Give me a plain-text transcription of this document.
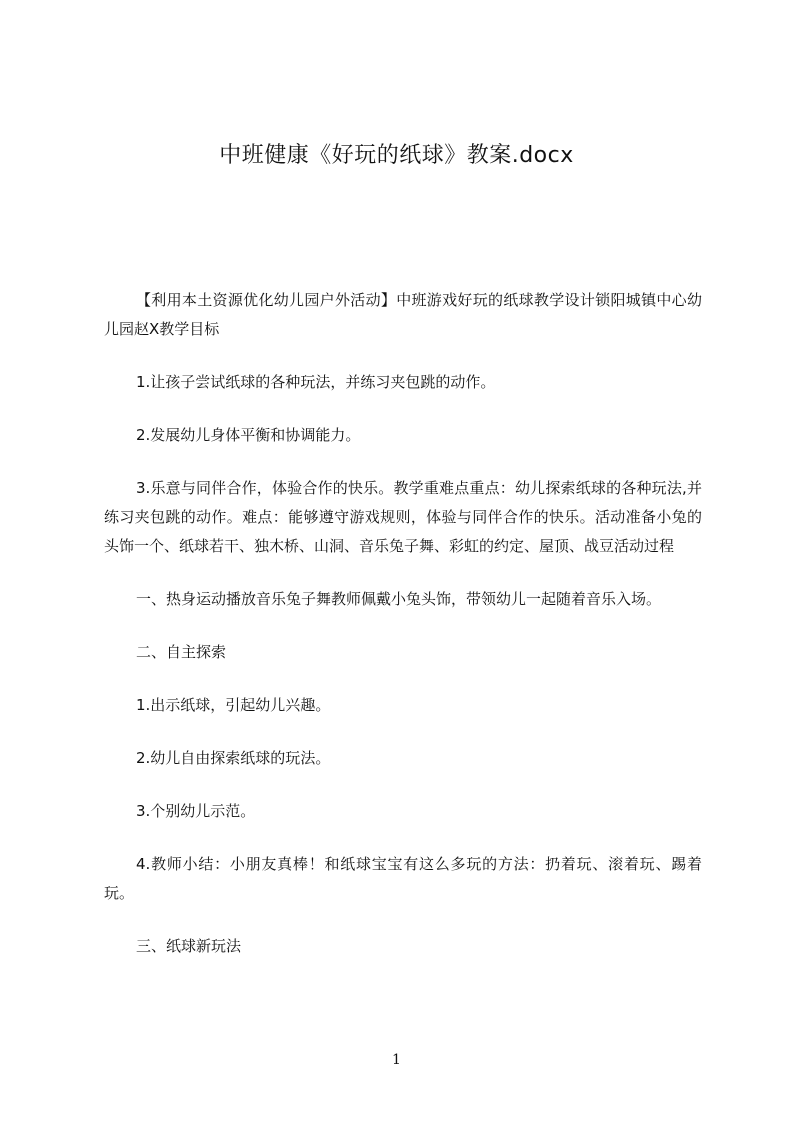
中班健康《好玩的纸球》教案.docx

【利用本土资源优化幼儿园户外活动】中班游戏好玩的纸球教学设计锁阳城镇中心幼儿园赵Ⅹ教学目标

1.让孩子尝试纸球的各种玩法，并练习夹包跳的动作。

2.发展幼儿身体平衡和协调能力。

3.乐意与同伴合作，体验合作的快乐。教学重难点重点：幼儿探索纸球的各种玩法,并练习夹包跳的动作。难点：能够遵守游戏规则，体验与同伴合作的快乐。活动准备小兔的头饰一个、纸球若干、独木桥、山洞、音乐兔子舞、彩虹的约定、屋顶、战豆活动过程

一、热身运动播放音乐兔子舞教师佩戴小兔头饰，带领幼儿一起随着音乐入场。

二、自主探索

1.出示纸球，引起幼儿兴趣。

2.幼儿自由探索纸球的玩法。

3.个别幼儿示范。

4.教师小结：小朋友真棒！和纸球宝宝有这么多玩的方法：扔着玩、滚着玩、踢着玩。

三、纸球新玩法

1
